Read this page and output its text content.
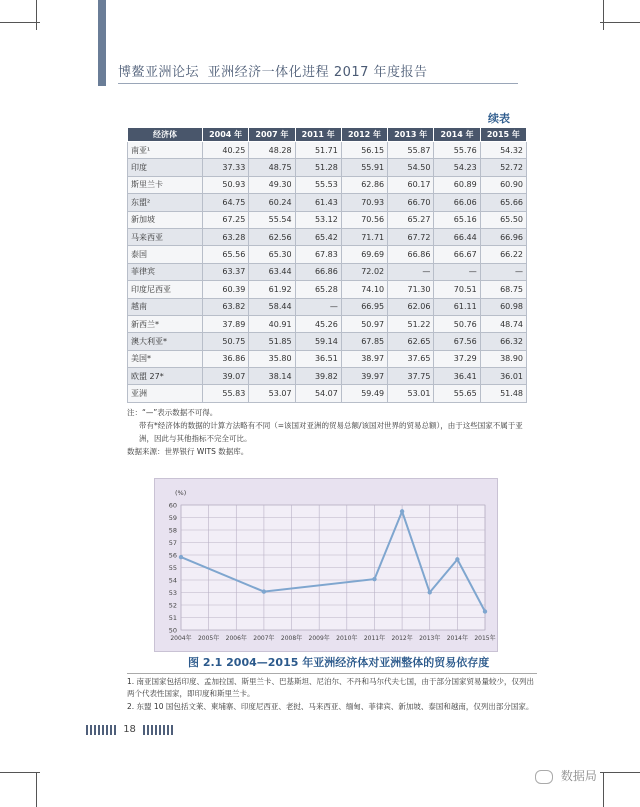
博鳌亚洲论坛 亚洲经济一体化进程 2017 年度报告
续表
经济体	2004 年	2007 年	2011 年	2012 年	2013 年	2014 年	2015 年
南亚¹	40.25	48.28	51.71	56.15	55.87	55.76	54.32
印度	37.33	48.75	51.28	55.91	54.50	54.23	52.72
斯里兰卡	50.93	49.30	55.53	62.86	60.17	60.89	60.90
东盟²	64.75	60.24	61.43	70.93	66.70	66.06	65.66
新加坡	67.25	55.54	53.12	70.56	65.27	65.16	65.50
马来西亚	63.28	62.56	65.42	71.71	67.72	66.44	66.96
泰国	65.56	65.30	67.83	69.69	66.86	66.67	66.22
菲律宾	63.37	63.44	66.86	72.02	—	—	—
印度尼西亚	60.39	61.92	65.28	74.10	71.30	70.51	68.75
越南	63.82	58.44	—	66.95	62.06	61.11	60.98
新西兰*	37.89	40.91	45.26	50.97	51.22	50.76	48.74
澳大利亚*	50.75	51.85	59.14	67.85	62.65	67.56	66.32
美国*	36.86	35.80	36.51	38.97	37.65	37.29	38.90
欧盟 27*	39.07	38.14	39.82	39.97	37.75	36.41	36.01
亚洲	55.83	53.07	54.07	59.49	53.01	55.65	51.48

注：“—”表示数据不可得。

带有*经济体的数据的计算方法略有不同（=该国对亚洲的贸易总额/该国对世界的贸易总额），由于这些国家不属于亚洲，因此与其他指标不完全可比。

数据来源：世界银行 WITS 数据库。

50
51
52
53
54
55
56
57
58
59
60
(%)
2004年 2005年 2006年 2007年 2008年 2009年 2010年 2011年 2012年 2013年 2014年 2015年
图 2.1 2004—2015 年亚洲经济体对亚洲整体的贸易依存度

1. 南亚国家包括印度、孟加拉国、斯里兰卡、巴基斯坦、尼泊尔、不丹和马尔代夫七国，由于部分国家贸易量较少，仅列出两个代表性国家，即印度和斯里兰卡。

2. 东盟 10 国包括文莱、柬埔寨、印度尼西亚、老挝、马来西亚、缅甸、菲律宾、新加坡、泰国和越南，仅列出部分国家。

18
数据局
